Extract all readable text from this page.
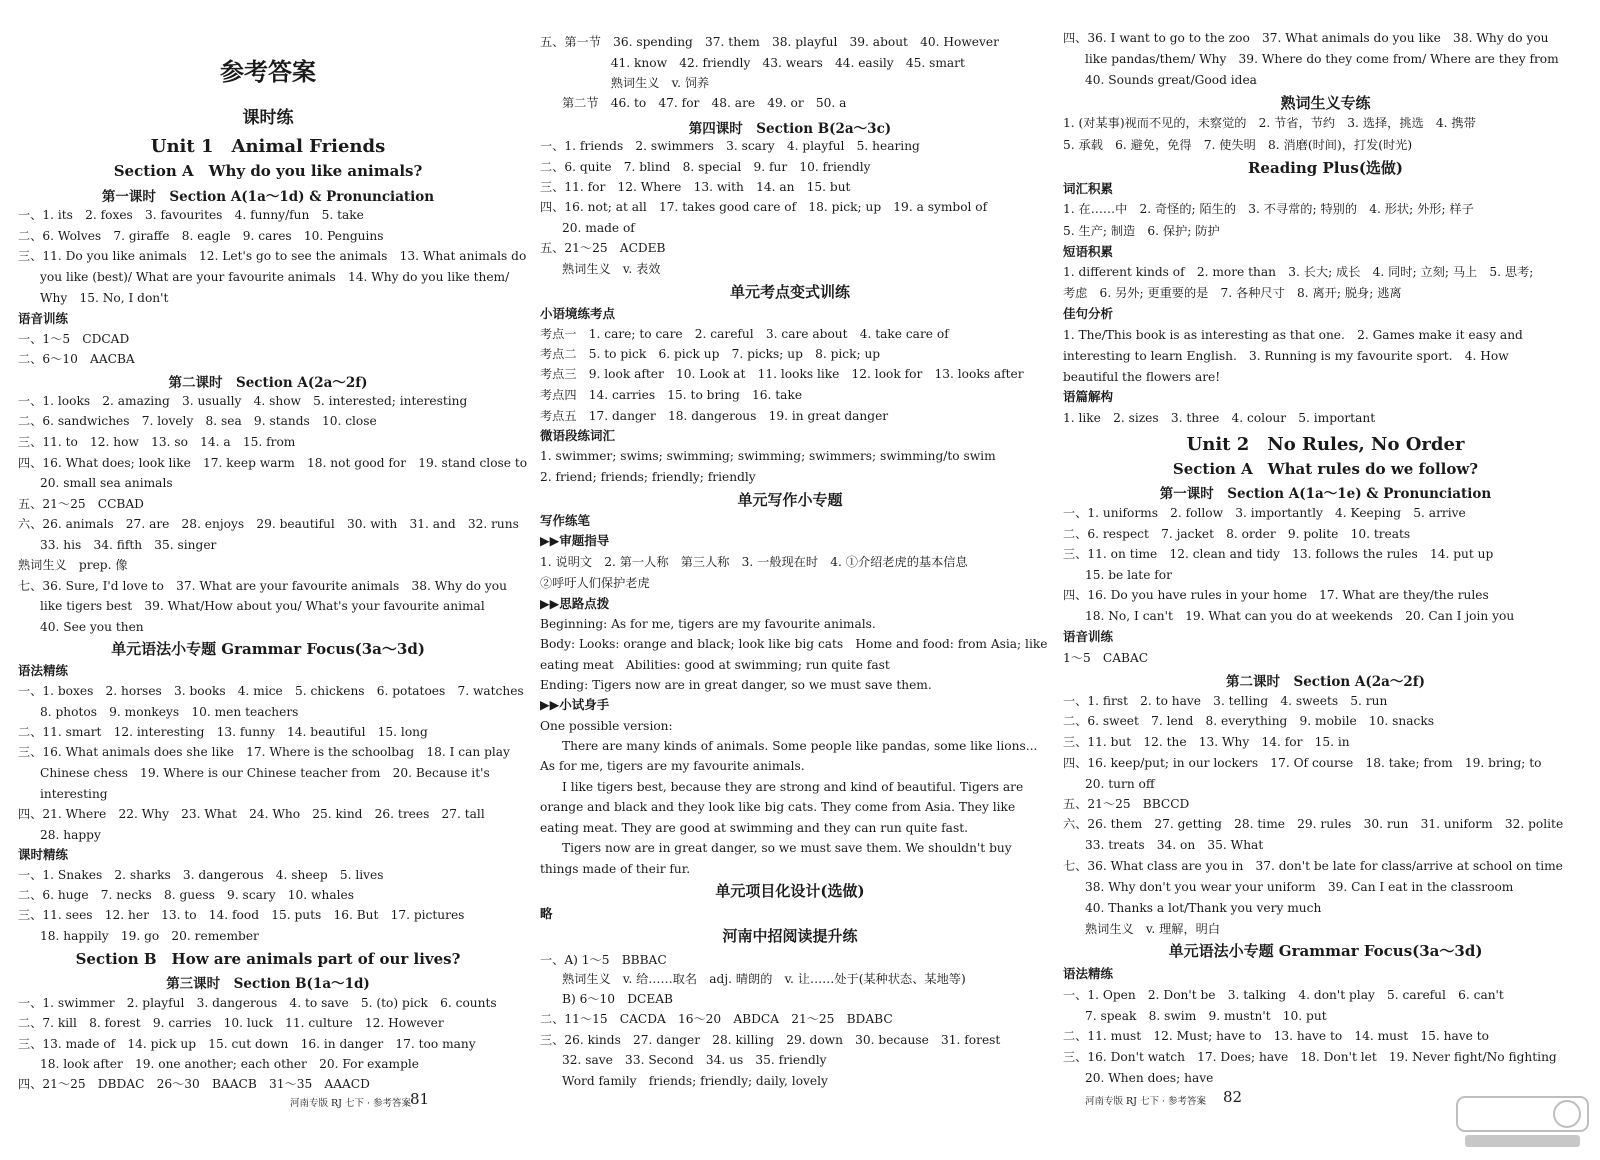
参考答案
课时练
Unit 1　Animal Friends
Section A　Why do you like animals?
第一课时　Section A(1a～1d) & Pronunciation
一、1. its　2. foxes　3. favourites　4. funny/fun　5. take
二、6. Wolves　7. giraffe　8. eagle　9. cares　10. Penguins
三、11. Do you like animals　12. Let's go to see the animals　13. What animals do
you like (best)/ What are your favourite animals　14. Why do you like them/
Why　15. No, I don't
语音训练
一、1～5　CDCAD
二、6～10　AACBA
第二课时　Section A(2a～2f)
一、1. looks　2. amazing　3. usually　4. show　5. interested; interesting
二、6. sandwiches　7. lovely　8. sea　9. stands　10. close
三、11. to　12. how　13. so　14. a　15. from
四、16. What does; look like　17. keep warm　18. not good for　19. stand close to
20. small sea animals
五、21～25　CCBAD
六、26. animals　27. are　28. enjoys　29. beautiful　30. with　31. and　32. runs
33. his　34. fifth　35. singer
熟词生义　prep. 像
七、36. Sure, I'd love to　37. What are your favourite animals　38. Why do you
like tigers best　39. What/How about you/ What's your favourite animal
40. See you then
单元语法小专题 Grammar Focus(3a～3d)
语法精练
一、1. boxes　2. horses　3. books　4. mice　5. chickens　6. potatoes　7. watches
8. photos　9. monkeys　10. men teachers
二、11. smart　12. interesting　13. funny　14. beautiful　15. long
三、16. What animals does she like　17. Where is the schoolbag　18. I can play
Chinese chess　19. Where is our Chinese teacher from　20. Because it's
interesting
四、21. Where　22. Why　23. What　24. Who　25. kind　26. trees　27. tall
28. happy
课时精练
一、1. Snakes　2. sharks　3. dangerous　4. sheep　5. lives
二、6. huge　7. necks　8. guess　9. scary　10. whales
三、11. sees　12. her　13. to　14. food　15. puts　16. But　17. pictures
18. happily　19. go　20. remember
Section B　How are animals part of our lives?
第三课时　Section B(1a～1d)
一、1. swimmer　2. playful　3. dangerous　4. to save　5. (to) pick　6. counts
二、7. kill　8. forest　9. carries　10. luck　11. culture　12. However
三、13. made of　14. pick up　15. cut down　16. in danger　17. too many
18. look after　19. one another; each other　20. For example
四、21～25　DBDAC　26～30　BAACB　31～35　AAACD
五、第一节　36. spending　37. them　38. playful　39. about　40. However
　　　　41. know　42. friendly　43. wears　44. easily　45. smart
　　　　熟词生义　v. 饲养
第二节　46. to　47. for　48. are　49. or　50. a
第四课时　Section B(2a～3c)
一、1. friends　2. swimmers　3. scary　4. playful　5. hearing
二、6. quite　7. blind　8. special　9. fur　10. friendly
三、11. for　12. Where　13. with　14. an　15. but
四、16. not; at all　17. takes good care of　18. pick; up　19. a symbol of
20. made of
五、21～25　ACDEB
熟词生义　v. 表效
单元考点变式训练
小语境练考点
考点一　1. care; to care　2. careful　3. care about　4. take care of
考点二　5. to pick　6. pick up　7. picks; up　8. pick; up
考点三　9. look after　10. Look at　11. looks like　12. look for　13. looks after
考点四　14. carries　15. to bring　16. take
考点五　17. danger　18. dangerous　19. in great danger
微语段练词汇
1. swimmer; swims; swimming; swimming; swimmers; swimming/to swim
2. friend; friends; friendly; friendly
单元写作小专题
写作练笔
▶▶审题指导
1. 说明文　2. 第一人称　第三人称　3. 一般现在时　4. ①介绍老虎的基本信息
②呼吁人们保护老虎
▶▶思路点拨
Beginning: As for me, tigers are my favourite animals.
Body: Looks: orange and black; look like big cats　Home and food: from Asia; like
eating meat　Abilities: good at swimming; run quite fast
Ending: Tigers now are in great danger, so we must save them.
▶▶小试身手
One possible version:
There are many kinds of animals. Some people like pandas, some like lions...
As for me, tigers are my favourite animals.
I like tigers best, because they are strong and kind of beautiful. Tigers are
orange and black and they look like big cats. They come from Asia. They like
eating meat. They are good at swimming and they can run quite fast.
Tigers now are in great danger, so we must save them. We shouldn't buy
things made of their fur.
单元项目化设计(选做)
略
河南中招阅读提升练
一、A) 1～5　BBBAC
熟词生义　v. 给……取名　adj. 晴朗的　v. 让……处于(某种状态、某地等)
B) 6～10　DCEAB
二、11～15　CACDA　16～20　ABDCA　21～25　BDABC
三、26. kinds　27. danger　28. killing　29. down　30. because　31. forest
32. save　33. Second　34. us　35. friendly
Word family　friends; friendly; daily, lovely
四、36. I want to go to the zoo　37. What animals do you like　38. Why do you
like pandas/them/ Why　39. Where do they come from/ Where are they from
40. Sounds great/Good idea
熟词生义专练
1. (对某事)视而不见的，未察觉的　2. 节省，节约　3. 选择，挑选　4. 携带
5. 承载　6. 避免，免得　7. 使失明　8. 消磨(时间)，打发(时光)
Reading Plus(选做)
词汇积累
1. 在……中　2. 奇怪的; 陌生的　3. 不寻常的; 特别的　4. 形状; 外形; 样子
5. 生产; 制造　6. 保护; 防护
短语积累
1. different kinds of　2. more than　3. 长大; 成长　4. 同时; 立刻; 马上　5. 思考;
考虑　6. 另外; 更重要的是　7. 各种尺寸　8. 离开; 脱身; 逃离
佳句分析
1. The/This book is as interesting as that one.　2. Games make it easy and
interesting to learn English.　3. Running is my favourite sport.　4. How
beautiful the flowers are!
语篇解构
1. like　2. sizes　3. three　4. colour　5. important
Unit 2　No Rules, No Order
Section A　What rules do we follow?
第一课时　Section A(1a～1e) & Pronunciation
一、1. uniforms　2. follow　3. importantly　4. Keeping　5. arrive
二、6. respect　7. jacket　8. order　9. polite　10. treats
三、11. on time　12. clean and tidy　13. follows the rules　14. put up
15. be late for
四、16. Do you have rules in your home　17. What are they/the rules
18. No, I can't　19. What can you do at weekends　20. Can I join you
语音训练
1～5　CABAC
第二课时　Section A(2a～2f)
一、1. first　2. to have　3. telling　4. sweets　5. run
二、6. sweet　7. lend　8. everything　9. mobile　10. snacks
三、11. but　12. the　13. Why　14. for　15. in
四、16. keep/put; in our lockers　17. Of course　18. take; from　19. bring; to
20. turn off
五、21～25　BBCCD
六、26. them　27. getting　28. time　29. rules　30. run　31. uniform　32. polite
33. treats　34. on　35. What
七、36. What class are you in　37. don't be late for class/arrive at school on time
38. Why don't you wear your uniform　39. Can I eat in the classroom
40. Thanks a lot/Thank you very much
熟词生义　v. 理解，明白
单元语法小专题 Grammar Focus(3a～3d)
语法精练
一、1. Open　2. Don't be　3. talking　4. don't play　5. careful　6. can't
7. speak　8. swim　9. mustn't　10. put
二、11. must　12. Must; have to　13. have to　14. must　15. have to
三、16. Don't watch　17. Does; have　18. Don't let　19. Never fight/No fighting
20. When does; have
河南专版 RJ 七下 · 参考答案
81	河南专版 RJ 七下 · 参考答案 82
